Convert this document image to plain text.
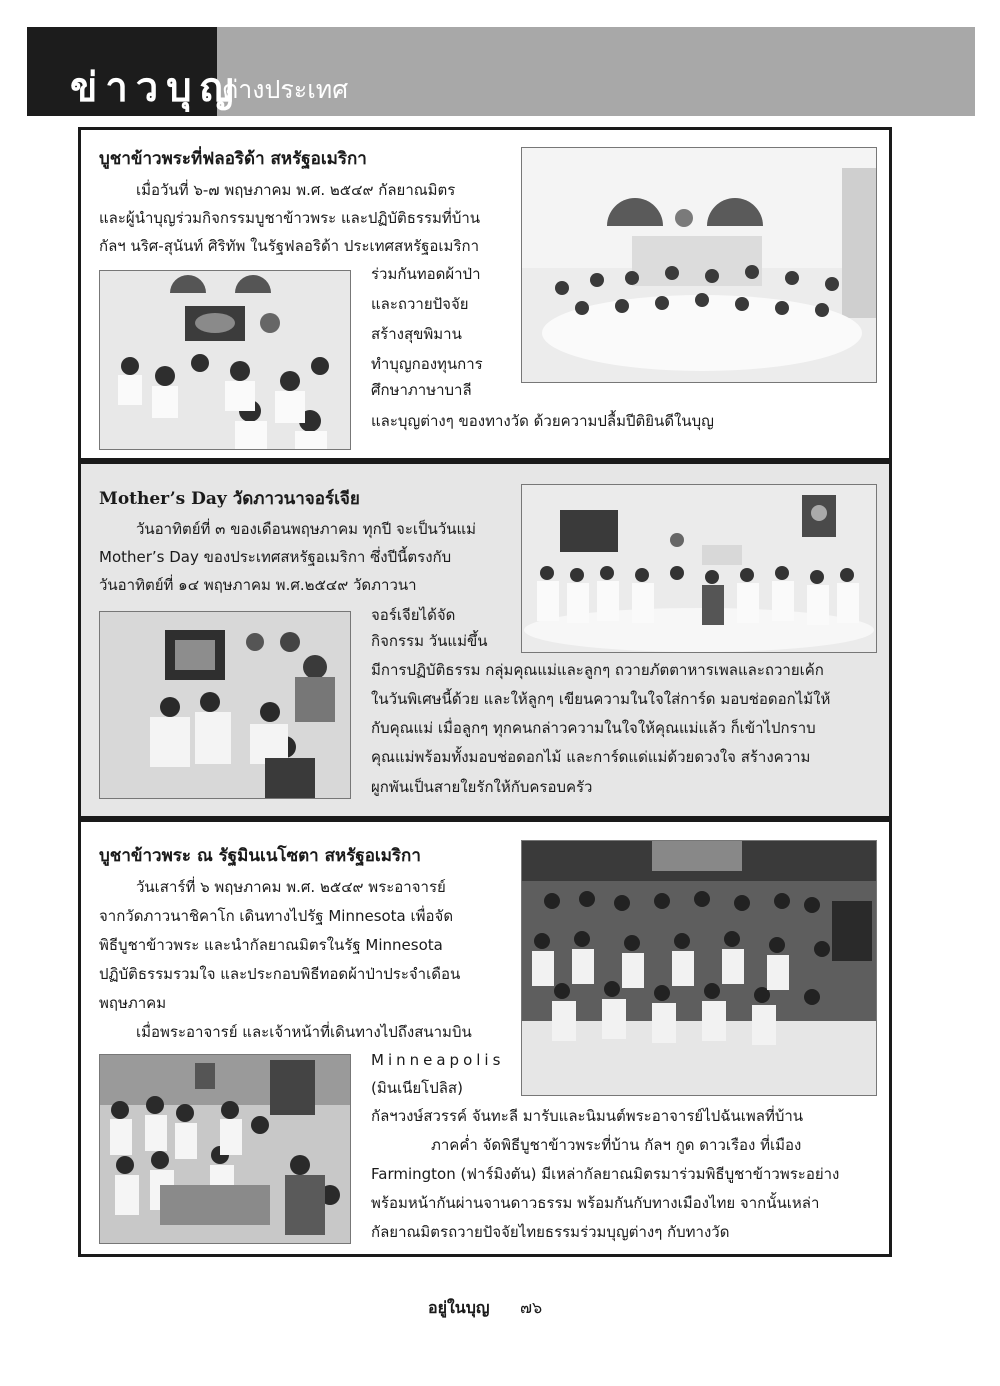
ข่าวบุญ
ต่างประเทศ
บูชาข้าวพระที่ฟลอริด้า สหรัฐอเมริกา
เมื่อวันที่ ๖-๗ พฤษภาคม พ.ศ. ๒๕๔๙ กัลยาณมิตร
และผู้นำบุญร่วมกิจกรรมบูชาข้าวพระ และปฏิบัติธรรมที่บ้าน
กัลฯ นริศ-สุนันท์ ศิริทัพ ในรัฐฟลอริด้า ประเทศสหรัฐอเมริกา
ร่วมกันทอดผ้าป่า
และถวายปัจจัย
สร้างสุขพิมาน
ทำบุญกองทุนการ
ศึกษาภาษาบาลี
และบุญต่างๆ ของทางวัด ด้วยความปลื้มปีติยินดีในบุญ
Mother’s Day วัดภาวนาจอร์เจีย
วันอาทิตย์ที่ ๓ ของเดือนพฤษภาคม ทุกปี จะเป็นวันแม่
Mother’s Day ของประเทศสหรัฐอเมริกา ซึ่งปีนี้ตรงกับ
วันอาทิตย์ที่ ๑๔ พฤษภาคม พ.ศ.๒๕๔๙ วัดภาวนา
จอร์เจียได้จัด
กิจกรรม วันแม่ขึ้น
มีการปฏิบัติธรรม กลุ่มคุณแม่และลูกๆ ถวายภัตตาหารเพลและถวายเค้ก
ในวันพิเศษนี้ด้วย และให้ลูกๆ เขียนความในใจใส่การ์ด มอบช่อดอกไม้ให้
กับคุณแม่ เมื่อลูกๆ ทุกคนกล่าวความในใจให้คุณแม่แล้ว ก็เข้าไปกราบ
คุณแม่พร้อมทั้งมอบช่อดอกไม้ และการ์ดแด่แม่ด้วยดวงใจ สร้างความ
ผูกพันเป็นสายใยรักให้กับครอบครัว
บูชาข้าวพระ ณ รัฐมินเนโซตา สหรัฐอเมริกา
วันเสาร์ที่ ๖ พฤษภาคม พ.ศ. ๒๕๔๙ พระอาจารย์
จากวัดภาวนาชิคาโก เดินทางไปรัฐ Minnesota เพื่อจัด
พิธีบูชาข้าวพระ และนำกัลยาณมิตรในรัฐ Minnesota
ปฏิบัติธรรมรวมใจ และประกอบพิธีทอดผ้าป่าประจำเดือน
พฤษภาคม
เมื่อพระอาจารย์ และเจ้าหน้าที่เดินทางไปถึงสนามบิน
Minneapolis
(มินเนียโปลิส)
กัลฯวงษ์สวรรค์ จันทะลี มารับและนิมนต์พระอาจารย์ไปฉันเพลที่บ้าน
ภาคค่ำ จัดพิธีบูชาข้าวพระที่บ้าน กัลฯ กูด ดาวเรือง ที่เมือง
Farmington (ฟาร์มิงตัน) มีเหล่ากัลยาณมิตรมาร่วมพิธีบูชาข้าวพระอย่าง
พร้อมหน้ากันผ่านจานดาวธรรม พร้อมกันกับทางเมืองไทย จากนั้นเหล่า
กัลยาณมิตรถวายปัจจัยไทยธรรมร่วมบุญต่างๆ กับทางวัด
อยู่ในบุญ ๗๖
